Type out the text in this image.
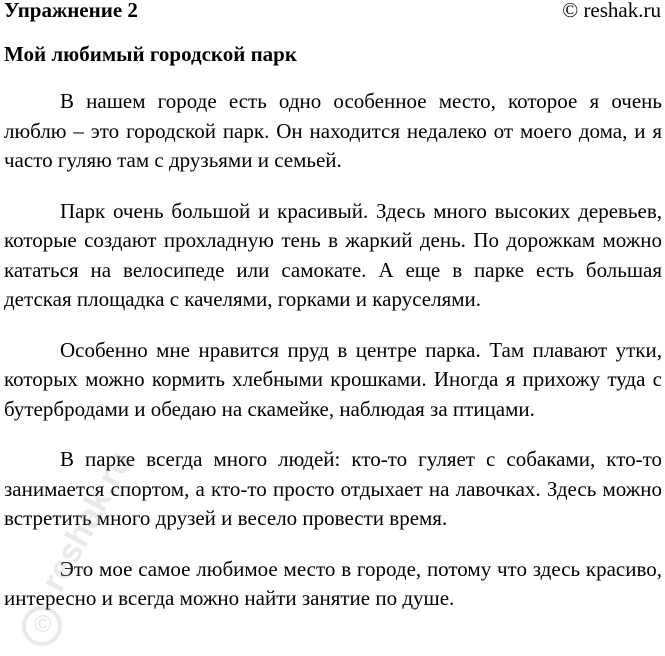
Упражнение 2	© reshak.ru
Мой любимый городской парк

В нашем городе есть одно особенное место, которое я очень люблю – это городской парк. Он находится недалеко от моего дома, и я часто гуляю там с друзьями и семьей.

Парк очень большой и красивый. Здесь много высоких деревьев, которые создают прохладную тень в жаркий день. По дорожкам можно кататься на велосипеде или самокате. А еще в парке есть большая детская площадка с качелями, горками и каруселями.

Особенно мне нравится пруд в центре парка. Там плавают утки, которых можно кормить хлебными крошками. Иногда я прихожу туда с бутербродами и обедаю на скамейке, наблюдая за птицами.

В парке всегда много людей: кто-то гуляет с собаками, кто-то занимается спортом, а кто-то просто отдыхает на лавочках. Здесь можно встретить много друзей и весело провести время.

Это мое самое любимое место в городе, потому что здесь красиво, интересно и всегда можно найти занятие по душе.

reshak.ru
©
